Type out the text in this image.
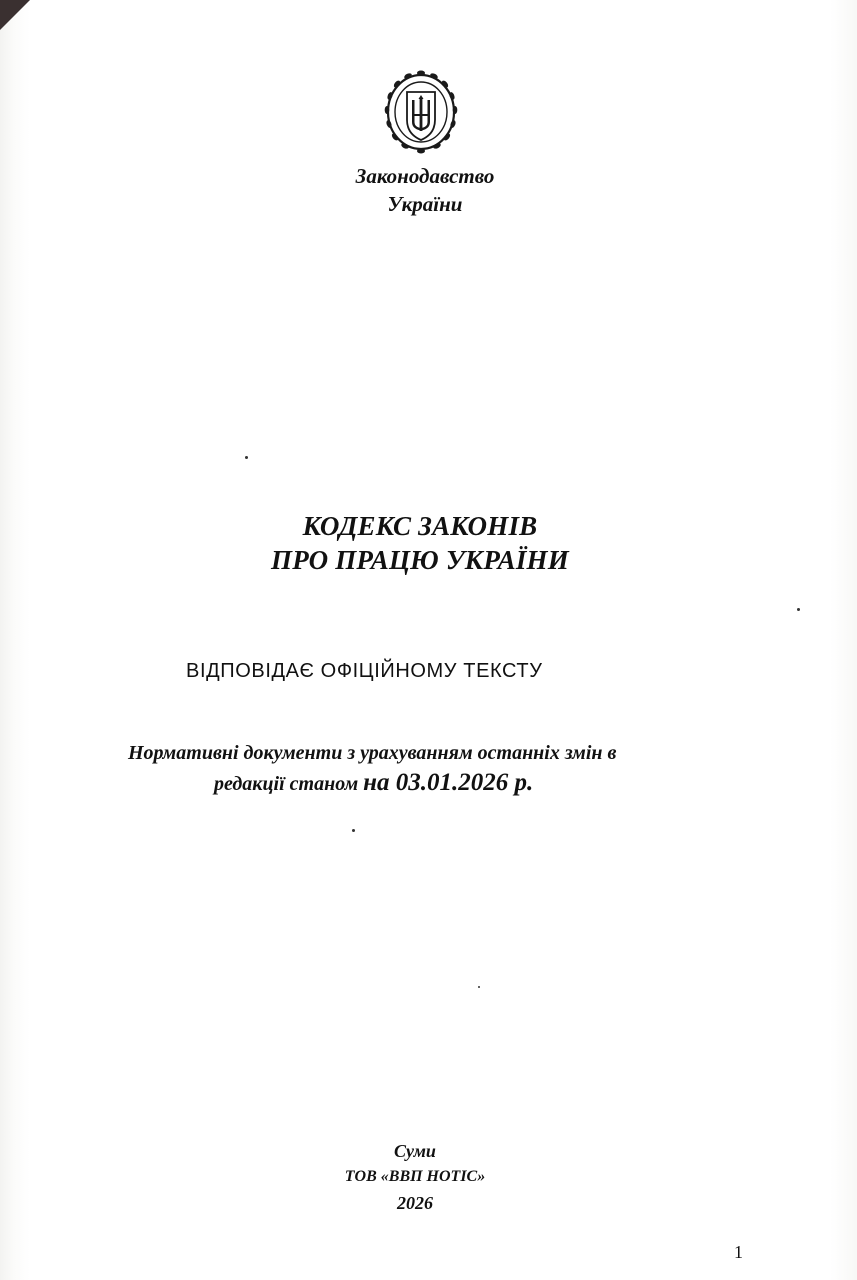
Законодавство
України
КОДЕКС ЗАКОНІВ
ПРО ПРАЦЮ УКРАЇНИ
ВІДПОВІДАЄ ОФІЦІЙНОМУ ТЕКСТУ
Нормативні документи з урахуванням останніх змін в
редакції станом на 03.01.2026 р.
Суми
ТОВ «ВВП НОТІС»
2026
1
